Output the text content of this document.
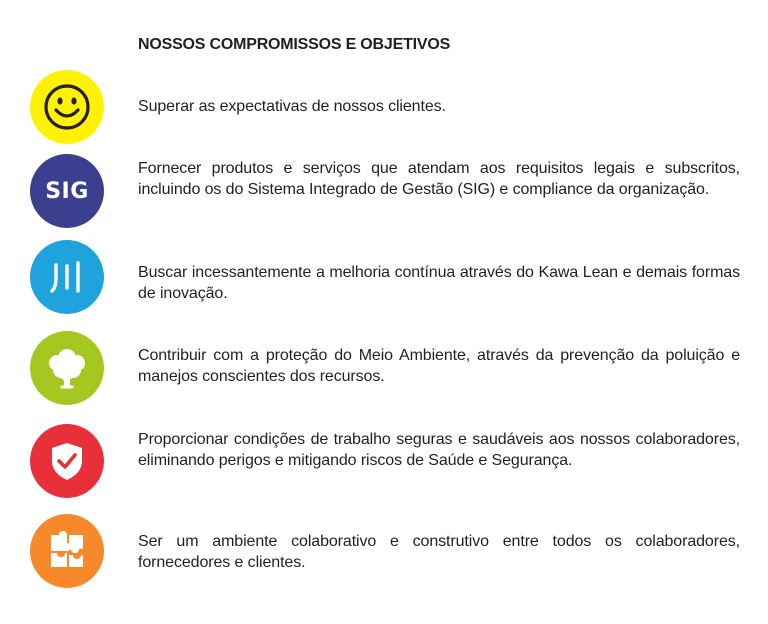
NOSSOS COMPROMISSOS E OBJETIVOS
Superar as expectativas de nossos clientes.
SIG
Fornecer produtos e serviços que atendam aos requisitos legais e subscritos, incluindo os do Sistema Integrado de Gestão (SIG) e compliance da organização.
Buscar incessantemente a melhoria contínua através do Kawa Lean e demais formas de inovação.
Contribuir com a proteção do Meio Ambiente, através da prevenção da poluição e manejos conscientes dos recursos.
Proporcionar condições de trabalho seguras e saudáveis aos nossos colaboradores, eliminando perigos e mitigando riscos de Saúde e Segurança.
Ser um ambiente colaborativo e construtivo entre todos os colaboradores, fornecedores e clientes.
